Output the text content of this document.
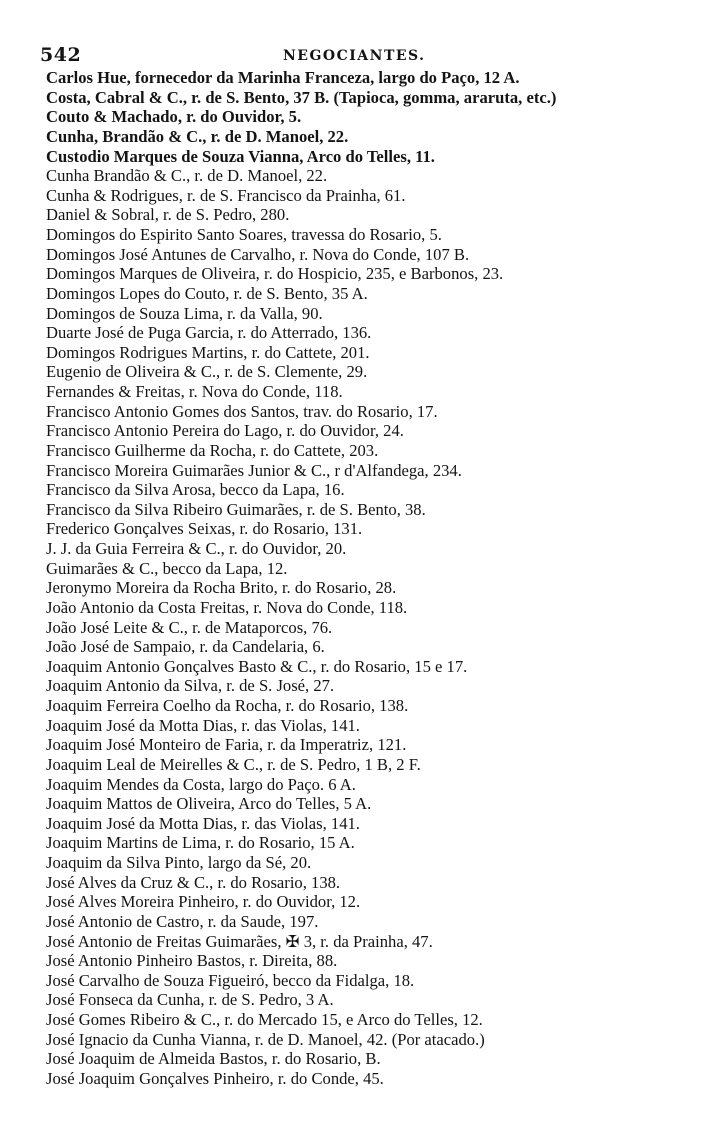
542	NEGOCIANTES.
Carlos Hue, fornecedor da Marinha Franceza, largo do Paço, 12 A.
Costa, Cabral & C., r. de S. Bento, 37 B. (Tapioca, gomma, araruta, etc.)
Couto & Machado, r. do Ouvidor, 5.
Cunha, Brandão & C., r. de D. Manoel, 22.
Custodio Marques de Souza Vianna, Arco do Telles, 11.
Cunha Brandão & C., r. de D. Manoel, 22.
Cunha & Rodrigues, r. de S. Francisco da Prainha, 61.
Daniel & Sobral, r. de S. Pedro, 280.
Domingos do Espirito Santo Soares, travessa do Rosario, 5.
Domingos José Antunes de Carvalho, r. Nova do Conde, 107 B.
Domingos Marques de Oliveira, r. do Hospicio, 235, e Barbonos, 23.
Domingos Lopes do Couto, r. de S. Bento, 35 A.
Domingos de Souza Lima, r. da Valla, 90.
Duarte José de Puga Garcia, r. do Atterrado, 136.
Domingos Rodrigues Martins, r. do Cattete, 201.
Eugenio de Oliveira & C., r. de S. Clemente, 29.
Fernandes & Freitas, r. Nova do Conde, 118.
Francisco Antonio Gomes dos Santos, trav. do Rosario, 17.
Francisco Antonio Pereira do Lago, r. do Ouvidor, 24.
Francisco Guilherme da Rocha, r. do Cattete, 203.
Francisco Moreira Guimarães Junior & C., r d'Alfandega, 234.
Francisco da Silva Arosa, becco da Lapa, 16.
Francisco da Silva Ribeiro Guimarães, r. de S. Bento, 38.
Frederico Gonçalves Seixas, r. do Rosario, 131.
J. J. da Guia Ferreira & C., r. do Ouvidor, 20.
Guimarães & C., becco da Lapa, 12.
Jeronymo Moreira da Rocha Brito, r. do Rosario, 28.
João Antonio da Costa Freitas, r. Nova do Conde, 118.
João José Leite & C., r. de Mataporcos, 76.
João José de Sampaio, r. da Candelaria, 6.
Joaquim Antonio Gonçalves Basto & C., r. do Rosario, 15 e 17.
Joaquim Antonio da Silva, r. de S. José, 27.
Joaquim Ferreira Coelho da Rocha, r. do Rosario, 138.
Joaquim José da Motta Dias, r. das Violas, 141.
Joaquim José Monteiro de Faria, r. da Imperatriz, 121.
Joaquim Leal de Meirelles & C., r. de S. Pedro, 1 B, 2 F.
Joaquim Mendes da Costa, largo do Paço. 6 A.
Joaquim Mattos de Oliveira, Arco do Telles, 5 A.
Joaquim José da Motta Dias, r. das Violas, 141.
Joaquim Martins de Lima, r. do Rosario, 15 A.
Joaquim da Silva Pinto, largo da Sé, 20.
José Alves da Cruz & C., r. do Rosario, 138.
José Alves Moreira Pinheiro, r. do Ouvidor, 12.
José Antonio de Castro, r. da Saude, 197.
José Antonio de Freitas Guimarães, ✠ 3, r. da Prainha, 47.
José Antonio Pinheiro Bastos, r. Direita, 88.
José Carvalho de Souza Figueiró, becco da Fidalga, 18.
José Fonseca da Cunha, r. de S. Pedro, 3 A.
José Gomes Ribeiro & C., r. do Mercado 15, e Arco do Telles, 12.
José Ignacio da Cunha Vianna, r. de D. Manoel, 42. (Por atacado.)
José Joaquim de Almeida Bastos, r. do Rosario, B.
José Joaquim Gonçalves Pinheiro, r. do Conde, 45.
